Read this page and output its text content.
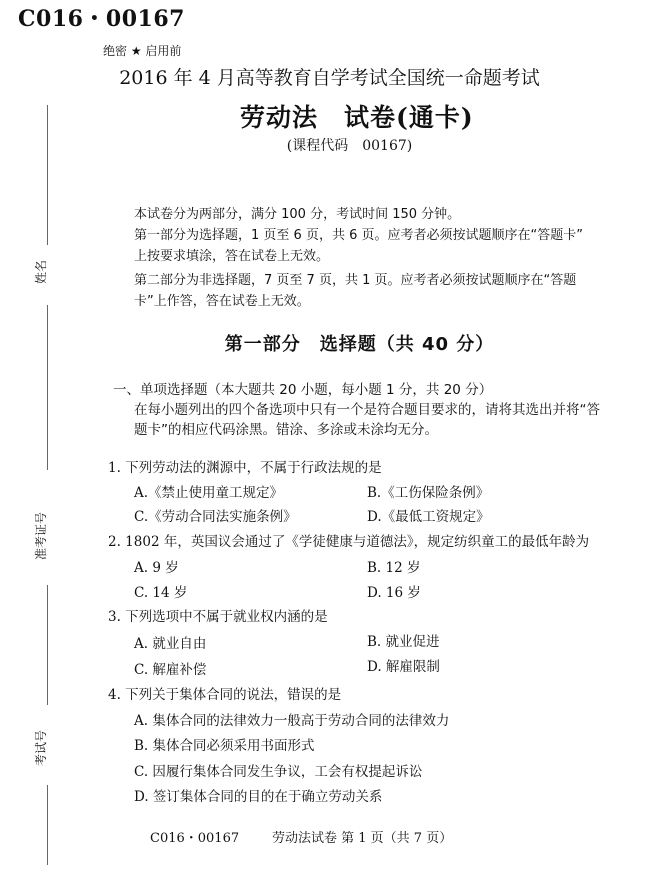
C016・00167
绝密 ★ 启用前
2016 年 4 月高等教育自学考试全国统一命题考试
劳动法　试卷(通卡)
(课程代码　00167)
姓名
准考证号
考试号
本试卷分为两部分，满分 100 分，考试时间 150 分钟。
第一部分为选择题，1 页至 6 页，共 6 页。应考者必须按试题顺序在“答题卡”
上按要求填涂，答在试卷上无效。
第二部分为非选择题，7 页至 7 页，共 1 页。应考者必须按试题顺序在“答题
卡”上作答，答在试卷上无效。
第一部分　选择题（共 40 分）
一、单项选择题（本大题共 20 小题，每小题 1 分，共 20 分）
在每小题列出的四个备选项中只有一个是符合题目要求的，请将其选出并将“答
题卡”的相应代码涂黑。错涂、多涂或未涂均无分。
1. 下列劳动法的渊源中，不属于行政法规的是
A.《禁止使用童工规定》	B.《工伤保险条例》
C.《劳动合同法实施条例》	D.《最低工资规定》
2. 1802 年，英国议会通过了《学徒健康与道德法》，规定纺织童工的最低年龄为
A. 9 岁	B. 12 岁
C. 14 岁	D. 16 岁
3. 下列选项中不属于就业权内涵的是
A. 就业自由	B. 就业促进
C. 解雇补偿	D. 解雇限制
4. 下列关于集体合同的说法，错误的是
A. 集体合同的法律效力一般高于劳动合同的法律效力
B. 集体合同必须采用书面形式
C. 因履行集体合同发生争议，工会有权提起诉讼
D. 签订集体合同的目的在于确立劳动关系
C016・00167	劳动法试卷 第 1 页（共 7 页）
